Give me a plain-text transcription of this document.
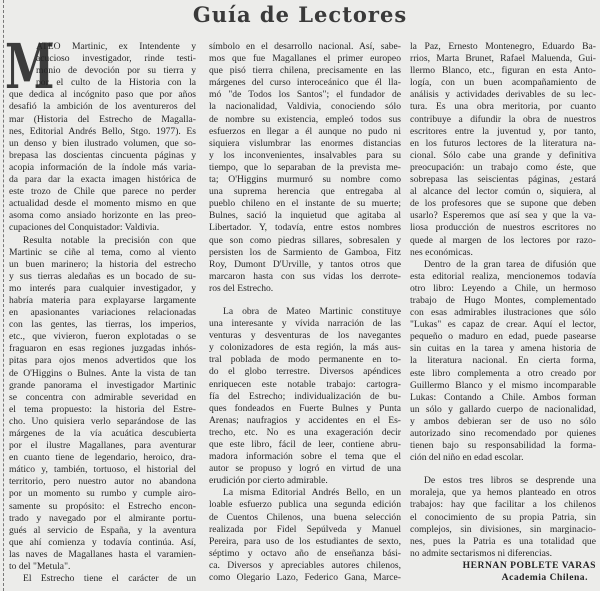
Guía de Lectores
M
ATEO Martinic, ex Intendente y
acucioso investigador, rinde testi-
monio de devoción por su tierra y
por el culto de la Historia con la
que dedica al incógnito paso que por años
desafió la ambición de los aventureros del
mar (Historia del Estrecho de Magalla-
nes, Editorial Andrés Bello, Stgo. 1977). Es
un denso y bien ilustrado volumen, que so-
brepasa las doscientas cincuenta páginas y
acopia información de la índole más varia-
da para dar la exacta imagen histórica de
este trozo de Chile que parece no perder
actualidad desde el momento mismo en que
asoma como ansiado horizonte en las preo-
cupaciones del Conquistador: Valdivia.
Resulta notable la precisión con que
Martinic se ciñe al tema, como al viento
un buen marinero; la historia del estrecho
y sus tierras aledañas es un bocado de su-
mo interés para cualquier investigador, y
habría materia para explayarse largamente
en apasionantes variaciones relacionadas
con las gentes, las tierras, los imperios,
etc., que vivieron, fueron explotadas o se
fraguaron en esas regiones juzgadas inhós-
pitas para ojos menos advertidos que los
de O'Higgins o Bulnes. Ante la vista de tan
grande panorama el investigador Martinic
se concentra con admirable severidad en
el tema propuesto: la historia del Estre-
cho. Uno quisiera verlo separándose de las
márgenes de la vía acuática descubierta
por el ilustre Magallanes, para aventurar
en cuanto tiene de legendario, heroico, dra-
mático y, también, tortuoso, el historial del
territorio, pero nuestro autor no abandona
por un momento su rumbo y cumple airo-
samente su propósito: el Estrecho encon-
trado y navegado por el almirante portu-
gués al servicio de España, y la aventura
que ahí comienza y todavía continúa. Así,
las naves de Magallanes hasta el varamien-
to del "Metula".
El Estrecho tiene el carácter de un
símbolo en el desarrollo nacional. Así, sabe-
mos que fue Magallanes el primer europeo
que pisó tierra chilena, precisamente en las
márgenes del curso interoceánico que él lla-
mó "de Todos los Santos"; el fundador de
la nacionalidad, Valdivia, conociendo sólo
de nombre su existencia, empleó todos sus
esfuerzos en llegar a él aunque no pudo ni
siquiera vislumbrar las enormes distancias
y los inconvenientes, insalvables para su
tiempo, que lo separaban de la prevista me-
ta; O'Higgins murmuró su nombre como
una suprema herencia que entregaba al
pueblo chileno en el instante de su muerte;
Bulnes, sació la inquietud que agitaba al
Libertador. Y, todavía, entre estos nombres
que son como piedras sillares, sobresalen y
persisten los de Sarmiento de Gamboa, Fitz
Roy, Dumont D'Urville, y tantos otros que
marcaron hasta con sus vidas los derrote-
ros del Estrecho.
La obra de Mateo Martinic constituye
una interesante y vívida narración de las
venturas y desventuras de los navegantes
y colonizadores de esta región, la más aus-
tral poblada de modo permanente en to-
do el globo terrestre. Diversos apéndices
enriquecen este notable trabajo: cartogra-
fía del Estrecho; individualización de bu-
ques fondeados en Fuerte Bulnes y Punta
Arenas; naufragios y accidentes en el Es-
trecho, etc. No es una exageración decir
que este libro, fácil de leer, contiene abru-
madora información sobre el tema que el
autor se propuso y logró en virtud de una
erudición por cierto admirable.
La misma Editorial Andrés Bello, en un
loable esfuerzo publica una segunda edición
de Cuentos Chilenos, una buena selección
realizada por Fidel Sepúlveda y Manuel
Pereira, para uso de los estudiantes de sexto,
séptimo y octavo año de enseñanza bási-
ca. Diversos y apreciables autores chilenos,
como Olegario Lazo, Federico Gana, Marce-
la Paz, Ernesto Montenegro, Eduardo Ba-
rrios, Marta Brunet, Rafael Maluenda, Gui-
llermo Blanco, etc., figuran en esta Anto-
logía, con un buen acompañamiento de
análisis y actividades derivables de su lec-
tura. Es una obra meritoria, por cuanto
contribuye a difundir la obra de nuestros
escritores entre la juventud y, por tanto,
en los futuros lectores de la literatura na-
cional. Sólo cabe una grande y definitiva
preocupación: un trabajo como éste, que
sobrepasa las seiscientas páginas, ¿estará
al alcance del lector común o, siquiera, al
de los profesores que se supone que deben
usarlo? Esperemos que así sea y que la va-
liosa producción de nuestros escritores no
quede al margen de los lectores por razo-
nes económicas.
Dentro de la gran tarea de difusión que
esta editorial realiza, mencionemos todavía
otro libro: Leyendo a Chile, un hermoso
trabajo de Hugo Montes, complementado
con esas admirables ilustraciones que sólo
"Lukas" es capaz de crear. Aquí el lector,
pequeño o maduro en edad, puede pasearse
sin cuitas en la tarea y amena historia de
la literatura nacional. En cierta forma,
este libro complementa a otro creado por
Guillermo Blanco y el mismo incomparable
Lukas: Contando a Chile. Ambos forman
un sólo y gallardo cuerpo de nacionalidad,
y ambos debieran ser de uso no sólo
autorizado sino recomendado por quienes
tienen bajo su responsabilidad la forma-
ción del niño en edad escolar.
De estos tres libros se desprende una
moraleja, que ya hemos planteado en otros
trabajos: hay que facilitar a los chilenos
el conocimiento de su propia Patria, sin
complejos, sin divisiones, sin marginacio-
nes, pues la Patria es una totalidad que
no admite sectarismos ni diferencias.
HERNAN POBLETE VARAS
Academia Chilena.
